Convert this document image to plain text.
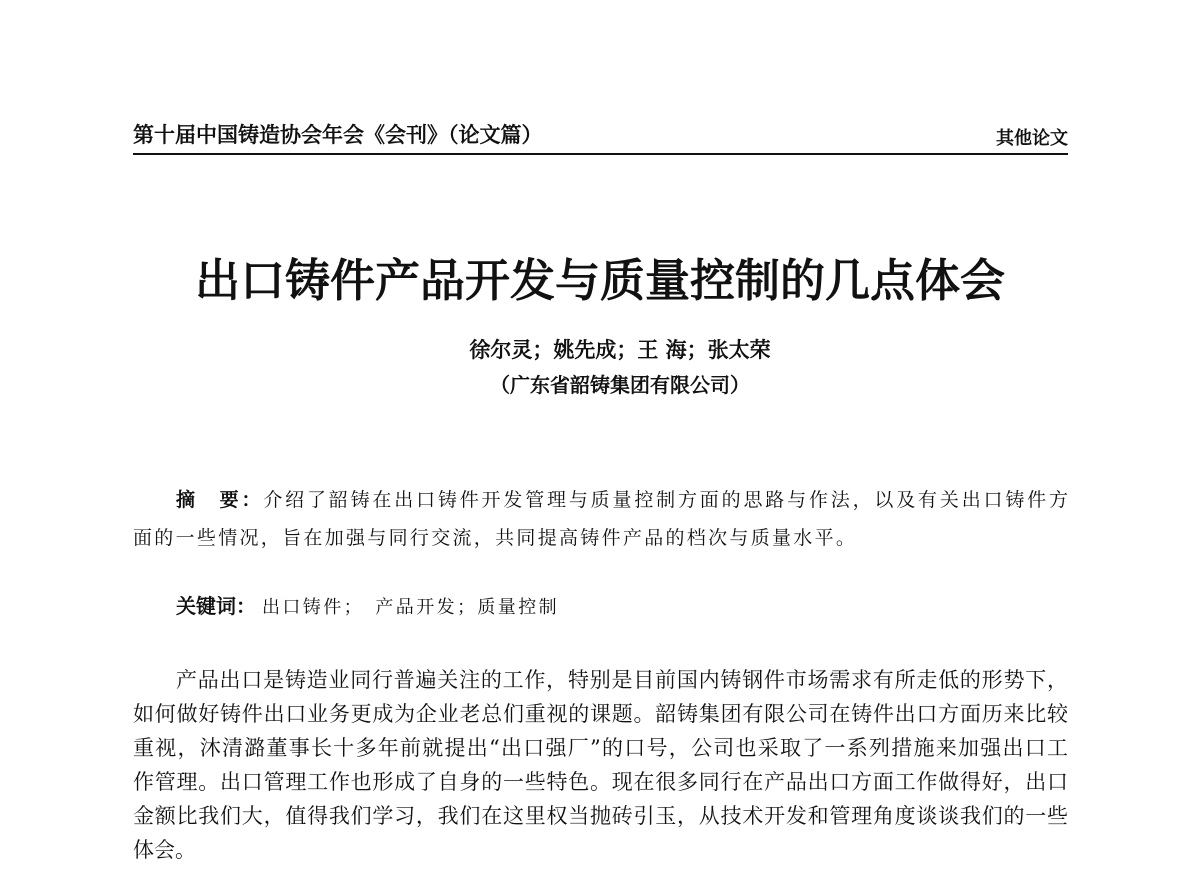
第十届中国铸造协会年会《会刊》（论文篇）	其他论文
出口铸件产品开发与质量控制的几点体会
徐尔灵；姚先成；王 海；张太荣
（广东省韶铸集团有限公司）
摘　要：介绍了韶铸在出口铸件开发管理与质量控制方面的思路与作法，以及有关出口铸件方
面的一些情况，旨在加强与同行交流，共同提高铸件产品的档次与质量水平。
关键词： 出口铸件；　产品开发；质量控制
产品出口是铸造业同行普遍关注的工作，特别是目前国内铸钢件市场需求有所走低的形势下，
如何做好铸件出口业务更成为企业老总们重视的课题。韶铸集团有限公司在铸件出口方面历来比较
重视，沐清潞董事长十多年前就提出“出口强厂”的口号，公司也采取了一系列措施来加强出口工
作管理。出口管理工作也形成了自身的一些特色。现在很多同行在产品出口方面工作做得好，出口
金额比我们大，值得我们学习，我们在这里权当抛砖引玉，从技术开发和管理角度谈谈我们的一些
体会。
